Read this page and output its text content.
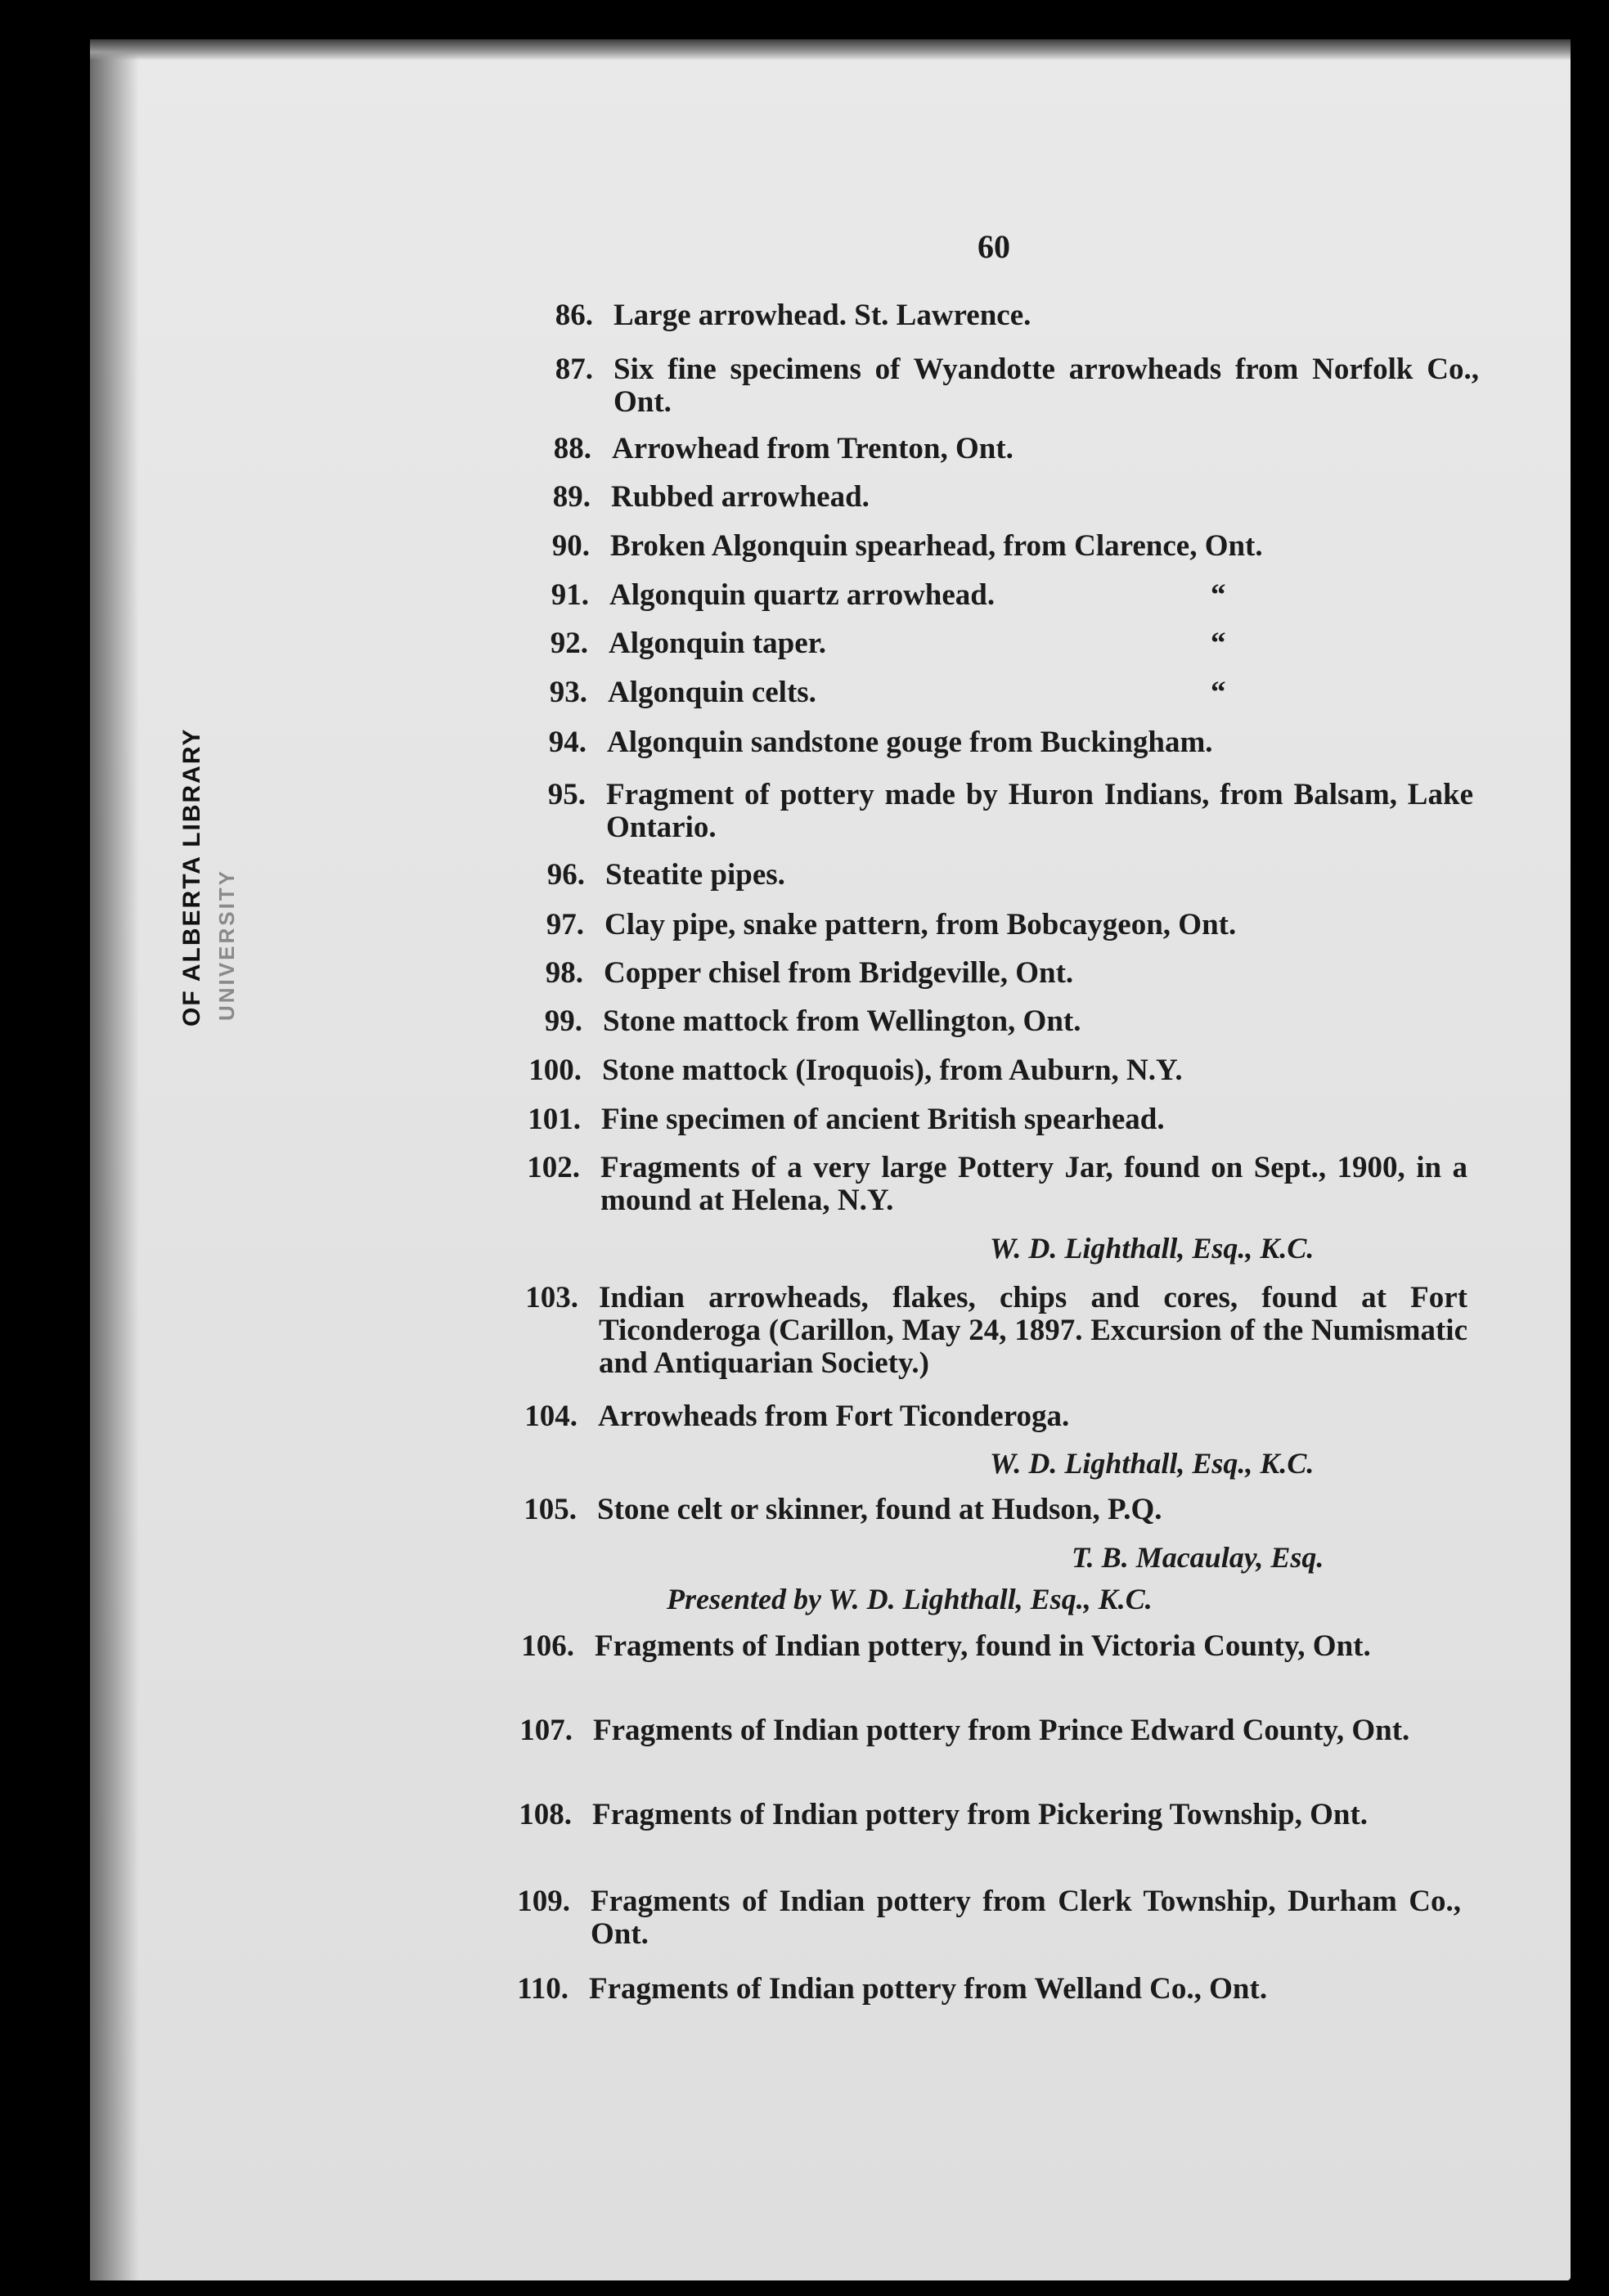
60
86. Large arrowhead. St. Lawrence.
87. Six fine specimens of Wyandotte arrowheads from Norfolk Co., Ont.
88. Arrowhead from Trenton, Ont.
89. Rubbed arrowhead.
90. Broken Algonquin spearhead, from Clarence, Ont.
91. Algonquin quartz arrowhead.	“
92. Algonquin taper.	“
93. Algonquin celts.	“
94. Algonquin sandstone gouge from Buckingham.
95. Fragment of pottery made by Huron Indians, from Balsam, Lake Ontario.
96. Steatite pipes.
97. Clay pipe, snake pattern, from Bobcaygeon, Ont.
98. Copper chisel from Bridgeville, Ont.
99. Stone mattock from Wellington, Ont.
100. Stone mattock (Iroquois), from Auburn, N.Y.
101. Fine specimen of ancient British spearhead.
102. Fragments of a very large Pottery Jar, found on Sept., 1900, in a mound at Helena, N.Y.
W. D. Lighthall, Esq., K.C.
103. Indian arrowheads, flakes, chips and cores, found at Fort Ticonderoga (Carillon, May 24, 1897. Excursion of the Numismatic and Antiquarian Society.)
104. Arrowheads from Fort Ticonderoga.
W. D. Lighthall, Esq., K.C.
105. Stone celt or skinner, found at Hudson, P.Q.
T. B. Macaulay, Esq.
Presented by W. D. Lighthall, Esq., K.C.
106. Fragments of Indian pottery, found in Victoria County, Ont.
107. Fragments of Indian pottery from Prince Edward County, Ont.
108. Fragments of Indian pottery from Pickering Township, Ont.
109. Fragments of Indian pottery from Clerk Township, Durham Co., Ont.
110. Fragments of Indian pottery from Welland Co., Ont.
OF ALBERTA LIBRARY UNIVERSITY
